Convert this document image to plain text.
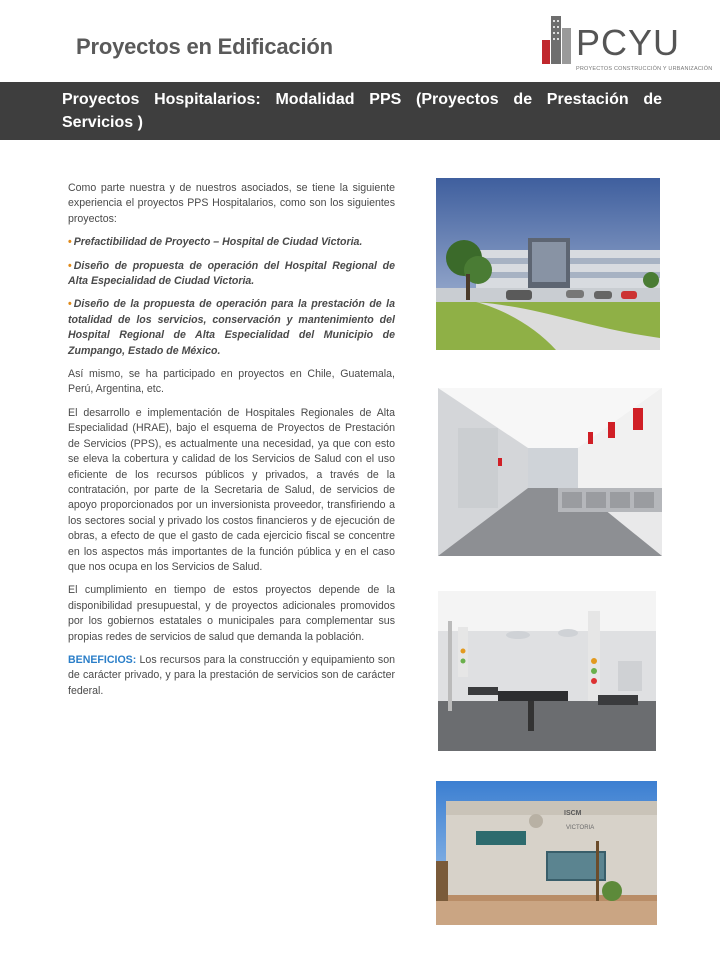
Proyectos en Edificación	PCYU
PROYECTOS CONSTRUCCIÓN Y URBANIZACIÓN

Proyectos Hospitalarios: Modalidad PPS (Proyectos de Prestación de Servicios )

Como parte nuestra y de nuestros asociados, se tiene la siguiente experiencia el proyectos PPS Hospitalarios, como son los siguientes proyectos:

• Prefactibilidad de Proyecto – Hospital de Ciudad Victoria.

• Diseño de propuesta de operación del Hospital Regional de Alta Especialidad de Ciudad Victoria.

• Diseño de la propuesta de operación para la prestación de la totalidad de los servicios, conservación y mantenimiento del Hospital Regional de Alta Especialidad del Municipio de Zumpango, Estado de México.

Así mismo, se ha participado en proyectos en Chile, Guatemala, Perú, Argentina, etc.

El desarrollo e implementación de Hospitales Regionales de Alta Especialidad (HRAE), bajo el esquema de Proyectos de Prestación de Servicios (PPS), es actualmente una necesidad, ya que con esto se eleva la cobertura y calidad de los Servicios de Salud con el uso eficiente de los recursos públicos y privados, a través de la contratación, por parte de la Secretaria de Salud, de servicios de apoyo proporcionados por un inversionista proveedor, transfiriendo a los sectores social y privado los costos financieros y de ejecución de obras, a efecto de que el gasto de cada ejercicio fiscal se concentre en los aspectos más importantes de la función pública y en el caso que nos ocupa en los Servicios de Salud.

El cumplimiento en tiempo de estos proyectos depende de la disponibilidad presupuestal, y de proyectos adicionales promovidos por los gobiernos estatales o municipales para complementar sus propias redes de servicios de salud que demanda la población.

BENEFICIOS: Los recursos para la construcción y equipamiento son de carácter privado, y para la prestación de servicios son de carácter federal.

ISCM
VICTORIA
